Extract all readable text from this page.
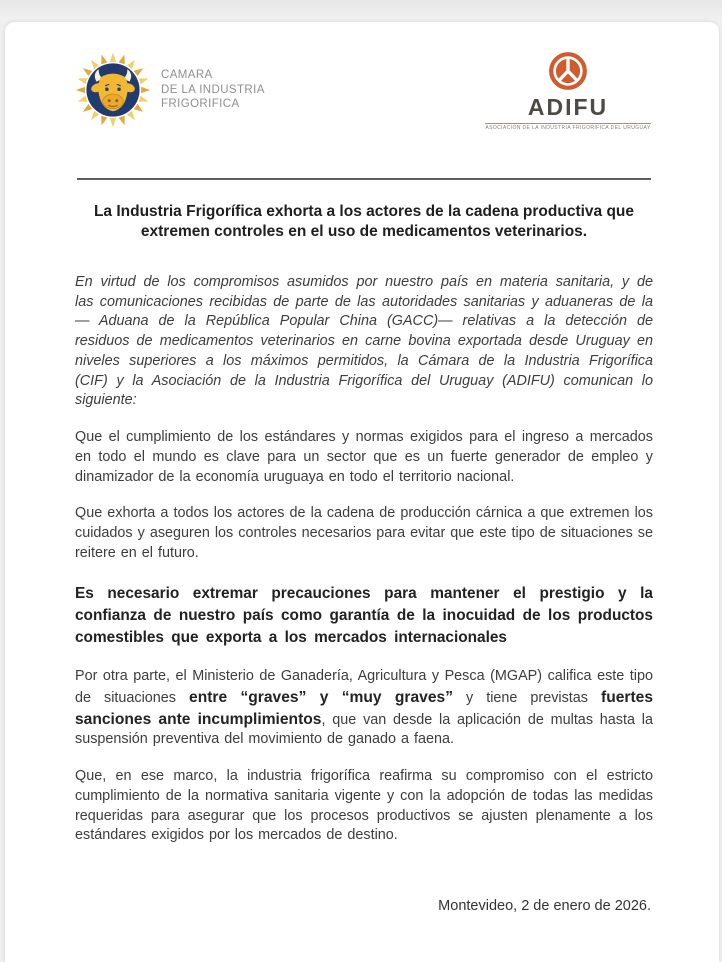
CAMARA
DE LA INDUSTRIA
FRIGORIFICA	ADIFU
ASOCIACION DE LA INDUSTRIA FRIGORIFICA DEL URUGUAY
La Industria Frigorífica exhorta a los actores de la cadena productiva que extremen controles en el uso de medicamentos veterinarios.

En virtud de los compromisos asumidos por nuestro país en materia sanitaria, y de las comunicaciones recibidas de parte de las autoridades sanitarias y aduaneras de la — Aduana de la República Popular China (GACC)— relativas a la detección de residuos de medicamentos veterinarios en carne bovina exportada desde Uruguay en niveles superiores a los máximos permitidos, la Cámara de la Industria Frigorífica (CIF) y la Asociación de la Industria Frigorífica del Uruguay (ADIFU) comunican lo siguiente:

Que el cumplimiento de los estándares y normas exigidos para el ingreso a mercados en todo el mundo es clave para un sector que es un fuerte generador de empleo y dinamizador de la economía uruguaya en todo el territorio nacional.

Que exhorta a todos los actores de la cadena de producción cárnica a que extremen los cuidados y aseguren los controles necesarios para evitar que este tipo de situaciones se reitere en el futuro.

Es necesario extremar precauciones para mantener el prestigio y la confianza de nuestro país como garantía de la inocuidad de los productos comestibles que exporta a los mercados internacionales

Por otra parte, el Ministerio de Ganadería, Agricultura y Pesca (MGAP) califica este tipo de situaciones entre “graves” y “muy graves” y tiene previstas fuertes sanciones ante incumplimientos, que van desde la aplicación de multas hasta la suspensión preventiva del movimiento de ganado a faena.

Que, en ese marco, la industria frigorífica reafirma su compromiso con el estricto cumplimiento de la normativa sanitaria vigente y con la adopción de todas las medidas requeridas para asegurar que los procesos productivos se ajusten plenamente a los estándares exigidos por los mercados de destino.

Montevideo, 2 de enero de 2026.
